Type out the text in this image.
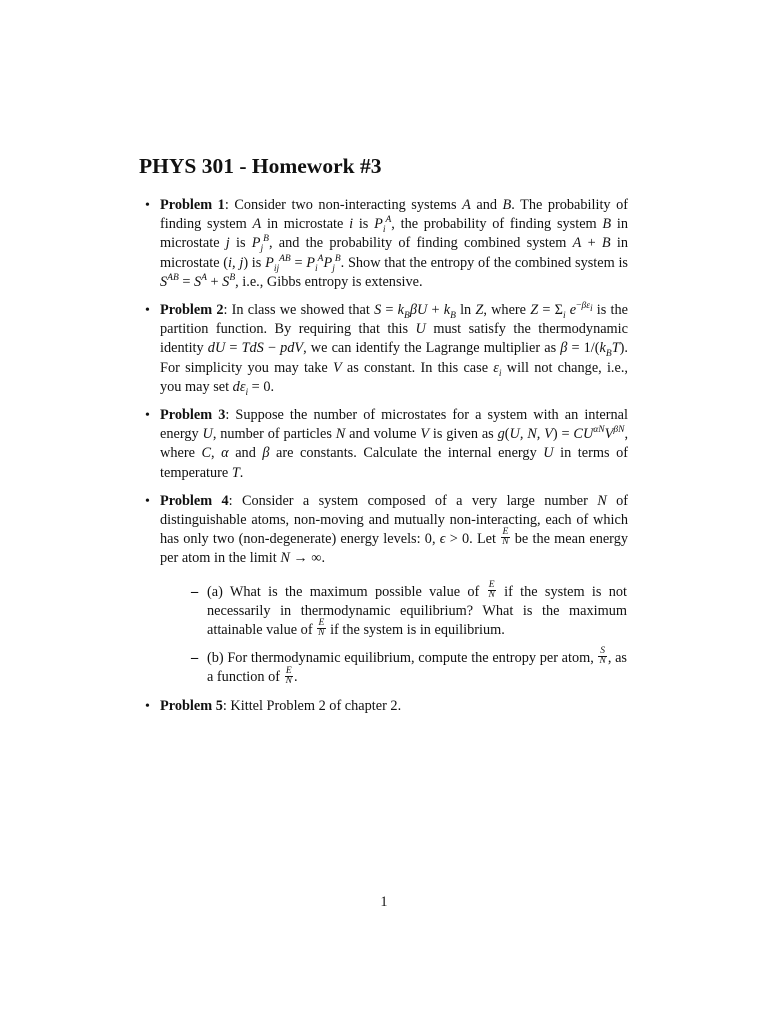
PHYS 301 - Homework #3
• Problem 1: Consider two non-interacting systems A and B. The probability of finding system A in microstate i is $P_i^A$, the probability of finding system B in microstate j is $P_j^B$, and the probability of finding combined system A + B in microstate (i, j) is $P_{ij}^{AB} = P_i^AP_j^B$. Show that the entropy of the combined system is $S^{AB} = S^A + S^B$, i.e., Gibbs entropy is extensive.
• Problem 2: In class we showed that $S = k_B\beta U + k_B$ ln Z, where $Z = \Sigma_i$ $e^{-\beta\varepsilon_i}$ is the partition function. By requiring that this U must satisfy the thermodynamic identity dU = TdS − pdV, we can identify the Lagrange multiplier as $\beta = 1/(k_BT)$. For simplicity you may take V as constant. In this case $\varepsilon_i$ will not change, i.e., you may set $d\varepsilon_i = 0$.
• Problem 3: Suppose the number of microstates for a system with an internal energy U, number of particles N and volume V is given as g(U, N, $V) = CU^{\alpha N}V^{\beta N}$, where C, α and β are constants. Calculate the internal energy U in terms of temperature T.
• Problem 4: Consider a system composed of a very large number N of distinguishable atoms, non-moving and mutually non-interacting, each of which has only two (non-degenerate) energy levels: 0, ϵ > 0. Let $\frac{E}{N}$ be the mean energy per atom in the limit N → ∞.
– (a) What is the maximum possible value of $\frac{E}{N}$ if the system is not necessarily in thermodynamic equilibrium? What is the maximum attainable value of $\frac{E}{N}$ if the system is in equilibrium.
– (b) For thermodynamic equilibrium, compute the entropy per atom, $\frac{S}{N}$ , as a function of $\frac{E}{N}$ .
• Problem 5: Kittel Problem 2 of chapter 2.
1
